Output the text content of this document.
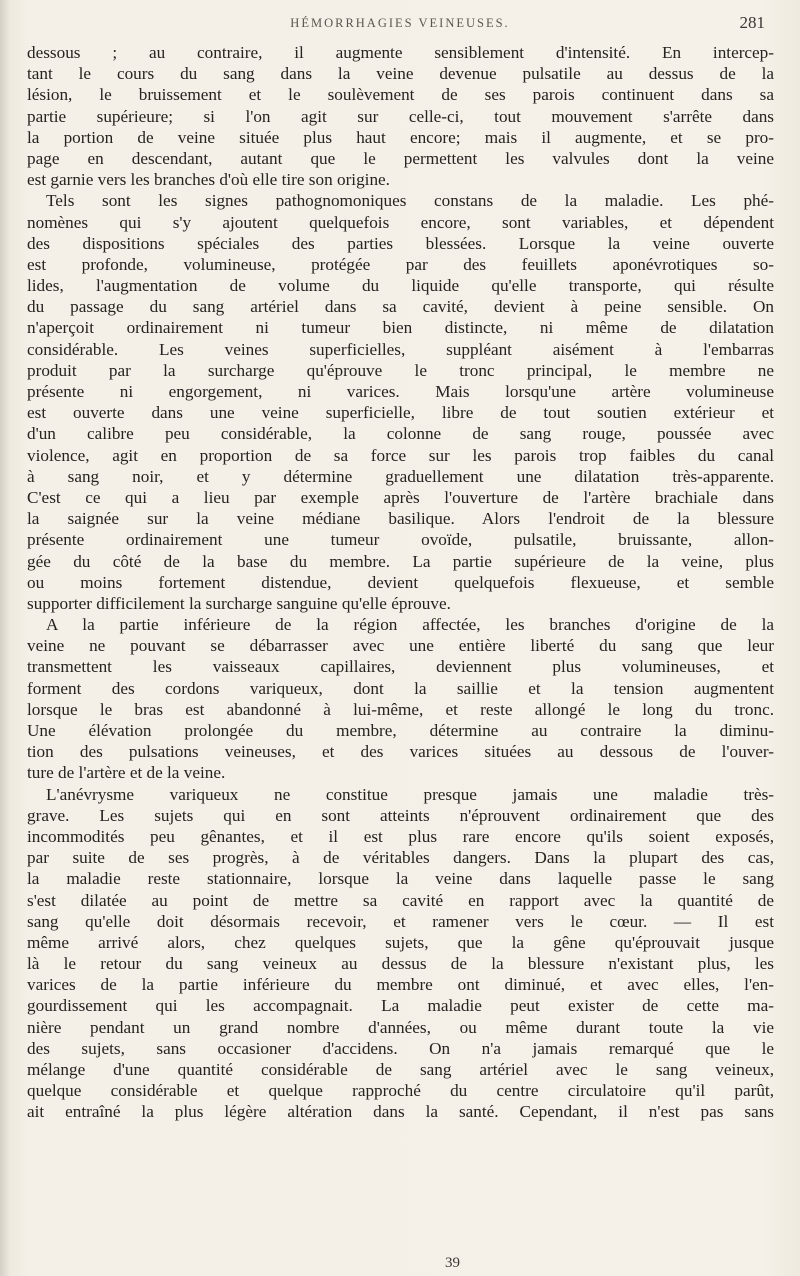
HÉMORRHAGIES VEINEUSES.	281
dessous ; au contraire, il augmente sensiblement d'intensité. En intercep-
tant le cours du sang dans la veine devenue pulsatile au dessus de la
lésion, le bruissement et le soulèvement de ses parois continuent dans sa
partie supérieure; si l'on agit sur celle-ci, tout mouvement s'arrête dans
la portion de veine située plus haut encore; mais il augmente, et se pro-
page en descendant, autant que le permettent les valvules dont la veine
est garnie vers les branches d'où elle tire son origine.
Tels sont les signes pathognomoniques constans de la maladie. Les phé-
nomènes qui s'y ajoutent quelquefois encore, sont variables, et dépendent
des dispositions spéciales des parties blessées. Lorsque la veine ouverte
est profonde, volumineuse, protégée par des feuillets aponévrotiques so-
lides, l'augmentation de volume du liquide qu'elle transporte, qui résulte
du passage du sang artériel dans sa cavité, devient à peine sensible. On
n'aperçoit ordinairement ni tumeur bien distincte, ni même de dilatation
considérable. Les veines superficielles, suppléant aisément à l'embarras
produit par la surcharge qu'éprouve le tronc principal, le membre ne
présente ni engorgement, ni varices. Mais lorsqu'une artère volumineuse
est ouverte dans une veine superficielle, libre de tout soutien extérieur et
d'un calibre peu considérable, la colonne de sang rouge, poussée avec
violence, agit en proportion de sa force sur les parois trop faibles du canal
à sang noir, et y détermine graduellement une dilatation très-apparente.
C'est ce qui a lieu par exemple après l'ouverture de l'artère brachiale dans
la saignée sur la veine médiane basilique. Alors l'endroit de la blessure
présente ordinairement une tumeur ovoïde, pulsatile, bruissante, allon-
gée du côté de la base du membre. La partie supérieure de la veine, plus
ou moins fortement distendue, devient quelquefois flexueuse, et semble
supporter difficilement la surcharge sanguine qu'elle éprouve.
A la partie inférieure de la région affectée, les branches d'origine de la
veine ne pouvant se débarrasser avec une entière liberté du sang que leur
transmettent les vaisseaux capillaires, deviennent plus volumineuses, et
forment des cordons variqueux, dont la saillie et la tension augmentent
lorsque le bras est abandonné à lui-même, et reste allongé le long du tronc.
Une élévation prolongée du membre, détermine au contraire la diminu-
tion des pulsations veineuses, et des varices situées au dessous de l'ouver-
ture de l'artère et de la veine.
L'anévrysme variqueux ne constitue presque jamais une maladie très-
grave. Les sujets qui en sont atteints n'éprouvent ordinairement que des
incommodités peu gênantes, et il est plus rare encore qu'ils soient exposés,
par suite de ses progrès, à de véritables dangers. Dans la plupart des cas,
la maladie reste stationnaire, lorsque la veine dans laquelle passe le sang
s'est dilatée au point de mettre sa cavité en rapport avec la quantité de
sang qu'elle doit désormais recevoir, et ramener vers le cœur. — Il est
même arrivé alors, chez quelques sujets, que la gêne qu'éprouvait jusque
là le retour du sang veineux au dessus de la blessure n'existant plus, les
varices de la partie inférieure du membre ont diminué, et avec elles, l'en-
gourdissement qui les accompagnait. La maladie peut exister de cette ma-
nière pendant un grand nombre d'années, ou même durant toute la vie
des sujets, sans occasioner d'accidens. On n'a jamais remarqué que le
mélange d'une quantité considérable de sang artériel avec le sang veineux,
quelque considérable et quelque rapproché du centre circulatoire qu'il parût,
ait entraîné la plus légère altération dans la santé. Cependant, il n'est pas sans
39
